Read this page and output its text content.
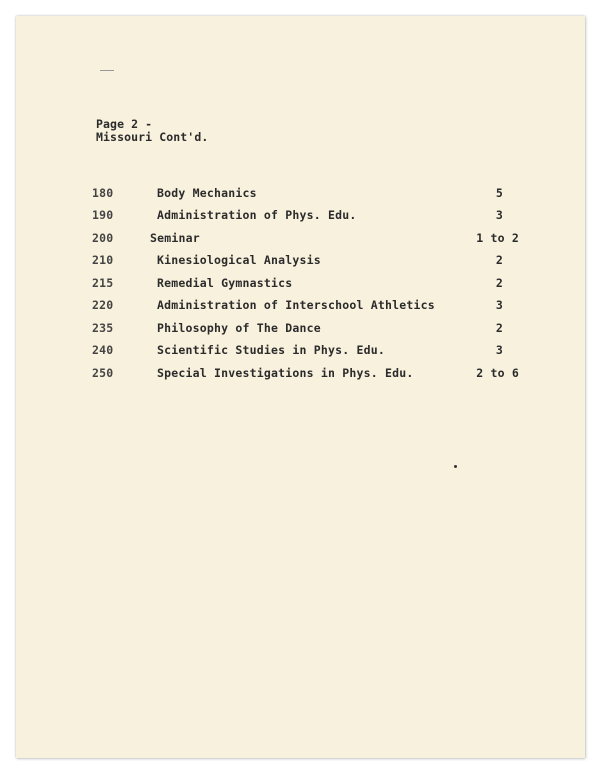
Page 2 -
Missouri Cont'd.
180	Body Mechanics	5
190	Administration of Phys. Edu.	3
200	Seminar	1 to 2
210	Kinesiological Analysis	2
215	Remedial Gymnastics	2
220	Administration of Interschool Athletics	3
235	Philosophy of The Dance	2
240	Scientific Studies in Phys. Edu.	3
250	Special Investigations in Phys. Edu.	2 to 6
